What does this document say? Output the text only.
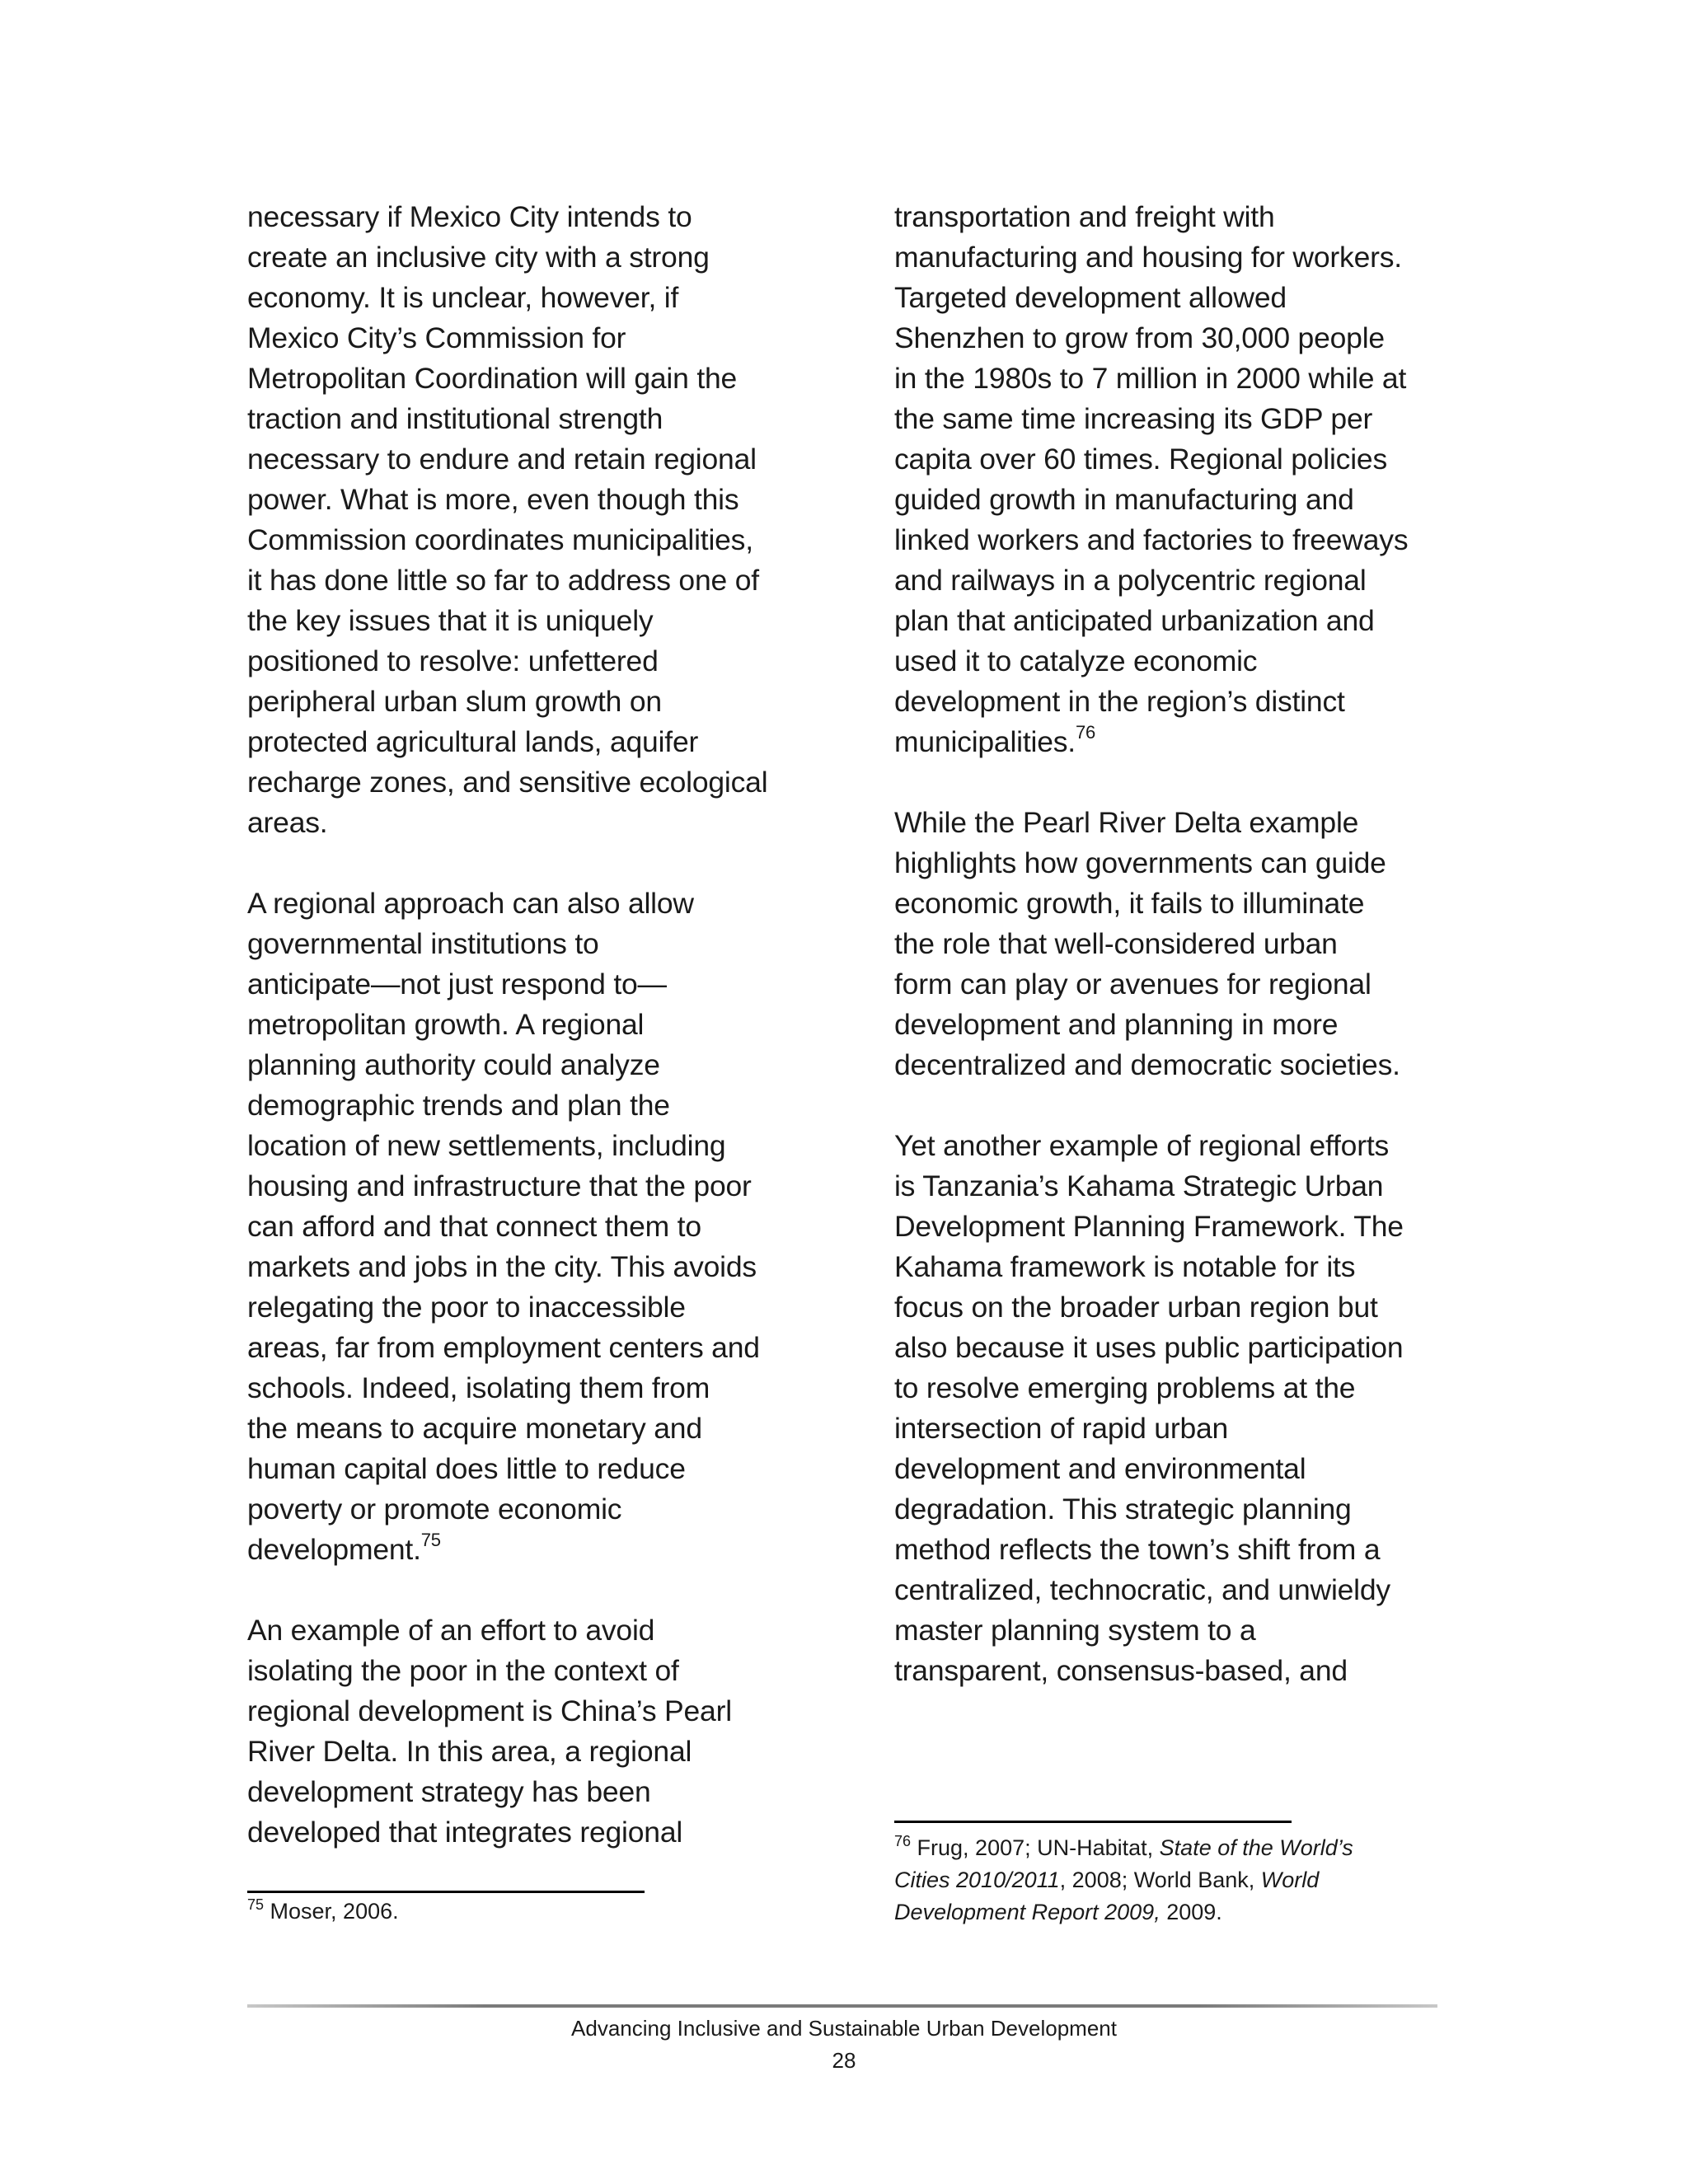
necessary if Mexico City intends to
create an inclusive city with a strong
economy. It is unclear, however, if
Mexico City’s Commission for
Metropolitan Coordination will gain the
traction and institutional strength
necessary to endure and retain regional
power. What is more, even though this
Commission coordinates municipalities,
it has done little so far to address one of
the key issues that it is uniquely
positioned to resolve: unfettered
peripheral urban slum growth on
protected agricultural lands, aquifer
recharge zones, and sensitive ecological
areas.

A regional approach can also allow
governmental institutions to
anticipate—not just respond to—
metropolitan growth. A regional
planning authority could analyze
demographic trends and plan the
location of new settlements, including
housing and infrastructure that the poor
can afford and that connect them to
markets and jobs in the city. This avoids
relegating the poor to inaccessible
areas, far from employment centers and
schools. Indeed, isolating them from
the means to acquire monetary and
human capital does little to reduce
poverty or promote economic
development.$^{75}$

An example of an effort to avoid
isolating the poor in the context of
regional development is China’s Pearl
River Delta. In this area, a regional
development strategy has been
developed that integrates regional

$^{75}$ Moser, 2006.

transportation and freight with
manufacturing and housing for workers.
Targeted development allowed
Shenzhen to grow from 30,000 people
in the 1980s to 7 million in 2000 while at
the same time increasing its GDP per
capita over 60 times. Regional policies
guided growth in manufacturing and
linked workers and factories to freeways
and railways in a polycentric regional
plan that anticipated urbanization and
used it to catalyze economic
development in the region’s distinct
municipalities.$^{76}$

While the Pearl River Delta example
highlights how governments can guide
economic growth, it fails to illuminate
the role that well-considered urban
form can play or avenues for regional
development and planning in more
decentralized and democratic societies.

Yet another example of regional efforts
is Tanzania’s Kahama Strategic Urban
Development Planning Framework. The
Kahama framework is notable for its
focus on the broader urban region but
also because it uses public participation
to resolve emerging problems at the
intersection of rapid urban
development and environmental
degradation. This strategic planning
method reflects the town’s shift from a
centralized, technocratic, and unwieldy
master planning system to a
transparent, consensus-based, and

$^{76}$ Frug, 2007; UN-Habitat, State of the World’s
Cities 2010/2011, 2008; World Bank, World
Development Report 2009, 2009.
Advancing Inclusive and Sustainable Urban Development
28
